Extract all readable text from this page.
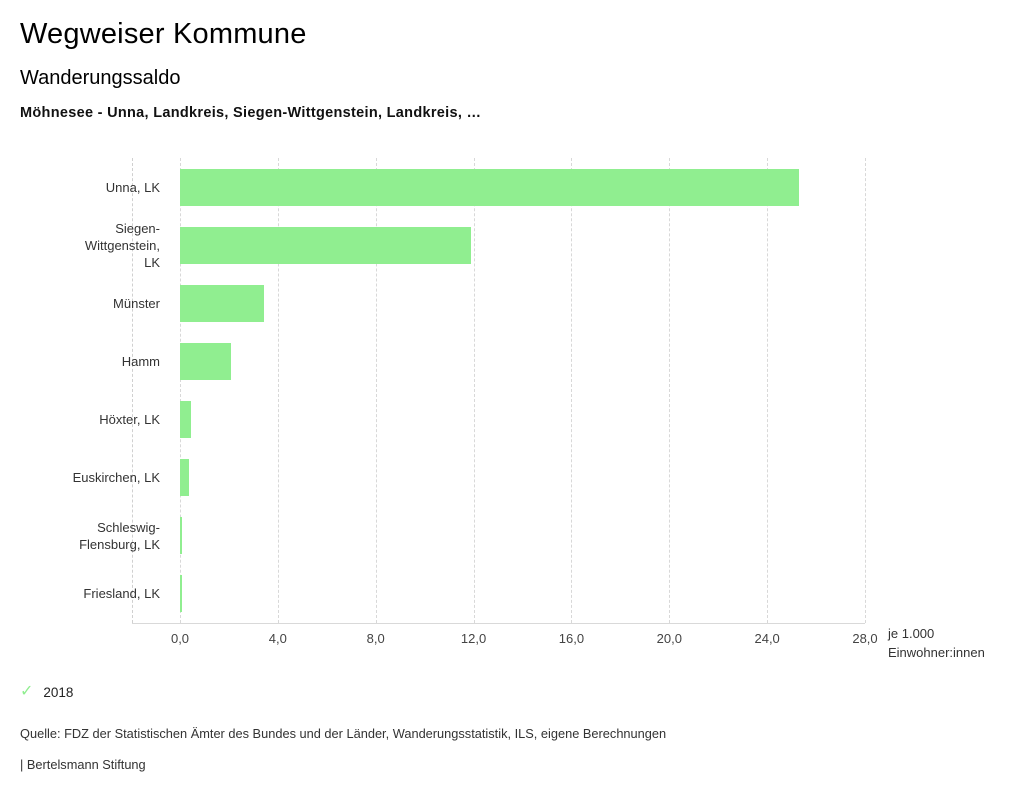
Wegweiser Kommune
Wanderungssaldo
Möhnesee - Unna, Landkreis, Siegen-Wittgenstein, Landkreis, …
Unna, LK
Siegen-
Wittgenstein,
LK
Münster
Hamm
Höxter, LK
Euskirchen, LK
Schleswig-
Flensburg, LK
Friesland, LK
0,0	4,0	8,0	12,0	16,0	20,0	24,0	28,0 je 1.000
Einwohner:innen
✓ 2018
Quelle: FDZ der Statistischen Ämter des Bundes und der Länder, Wanderungsstatistik, ILS, eigene Berechnungen
| Bertelsmann Stiftung
